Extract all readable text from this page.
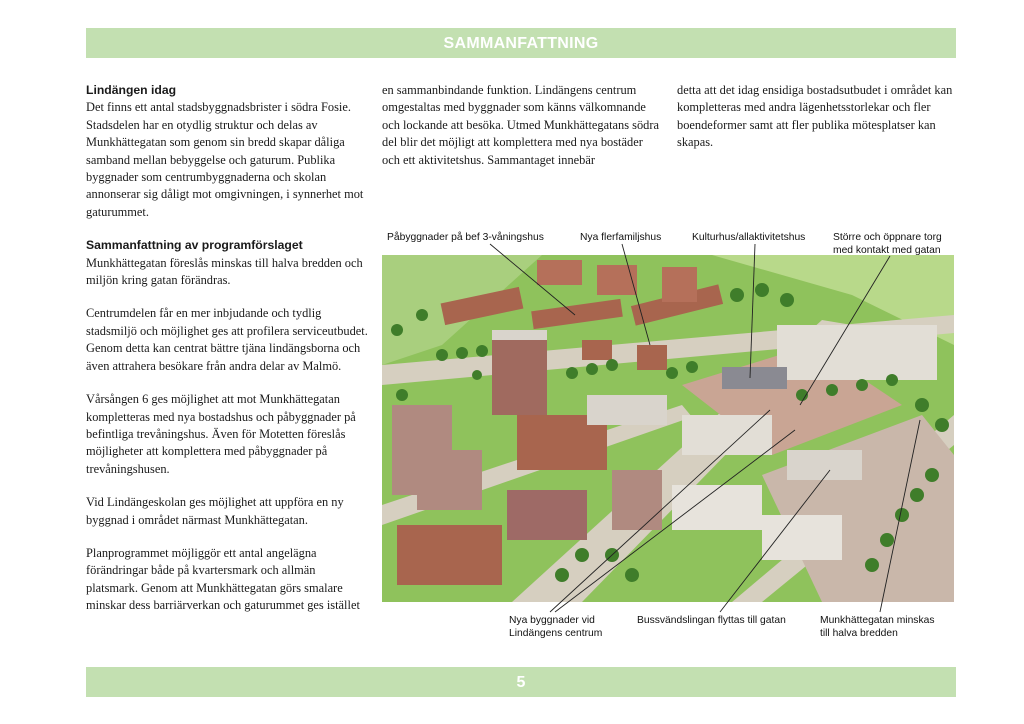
SAMMANFATTNING
Lindängen idag

Det finns ett antal stadsbyggnadsbrister i södra Fosie. Stadsdelen har en otydlig struktur och delas av Munkhättegatan som genom sin bredd skapar dåliga samband mellan bebyggelse och gaturum. Publika byggnader som centrumbyggnaderna och skolan annonserar sig dåligt mot omgivningen, i synnerhet mot gaturummet.

Sammanfattning av programförslaget

Munkhättegatan föreslås minskas till halva bredden och miljön kring gatan förändras.

Centrumdelen får en mer inbjudande och tydlig stadsmiljö och möjlighet ges att profilera serviceutbudet. Genom detta kan centrat bättre tjäna lindängsborna och även attrahera besökare från andra delar av Malmö.

Vårsången 6 ges möjlighet att mot Munkhättegatan kompletteras med nya bostadshus och påbyggnader på befintliga trevåningshus. Även för Motetten föreslås möjligheter att komplettera med påbyggnader på trevåningshusen.

Vid Lindängeskolan ges möjlighet att uppföra en ny byggnad i området närmast Munkhättegatan.

Planprogrammet möjliggör ett antal angelägna förändringar både på kvartersmark och allmän platsmark. Genom att Munkhättegatan görs smalare minskar dess barriärverkan och gaturummet ges istället

en sammanbindande funktion. Lindängens centrum omgestaltas med byggnader som känns välkomnande och lockande att besöka. Utmed Munkhättegatans södra del blir det möjligt att komplettera med nya bostäder och ett aktivitetshus. Sammantaget innebär

detta att det idag ensidiga bostadsutbudet i området kan kompletteras med andra lägenhetsstorlekar och fler boendeformer samt att fler publika mötesplatser kan skapas.

Påbyggnader på bef 3-våningshus	Nya flerfamiljshus	Kulturhus/allaktivitetshus	Större och öppnare torg
med kontakt med gatan
Nya byggnader vid
Lindängens centrum
Bussvändslingan flyttas till gatan	Munkhättegatan minskas
till halva bredden
5
